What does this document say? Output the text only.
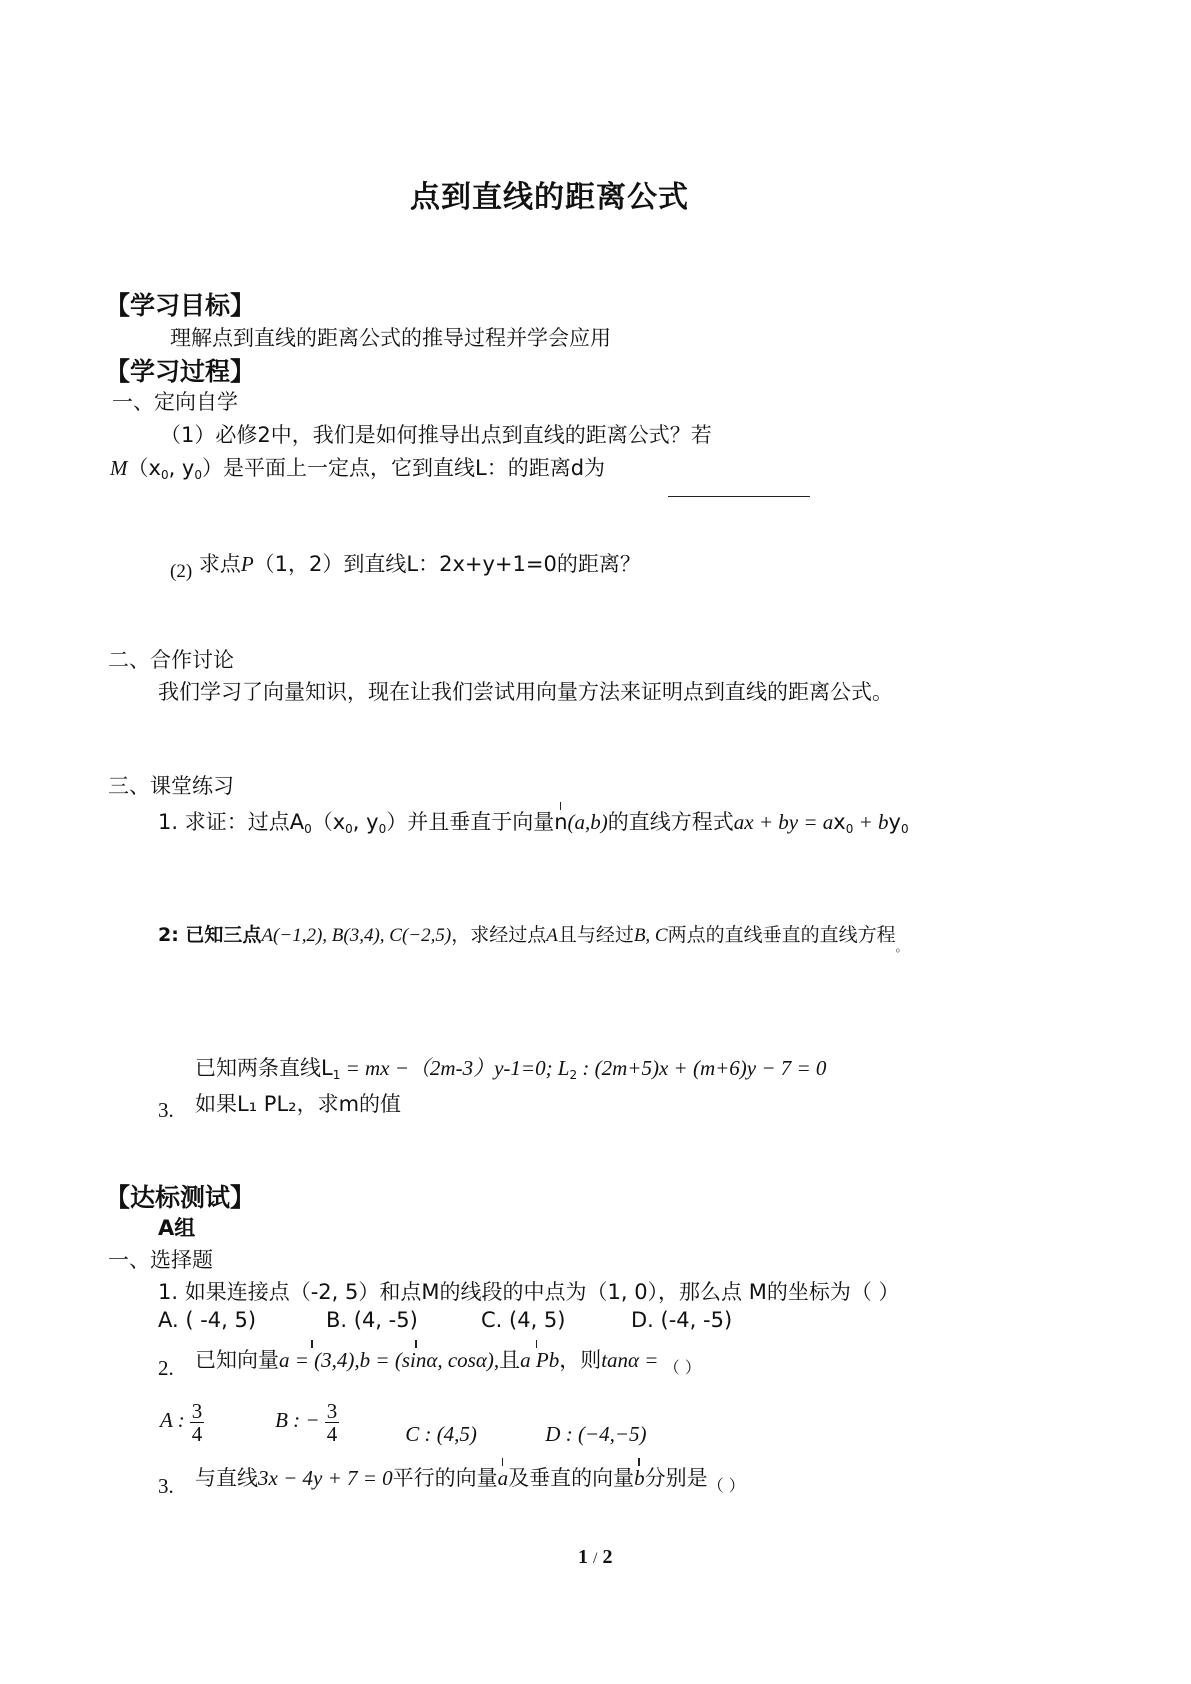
点到直线的距离公式
【学习目标】
理解点到直线的距离公式的推导过程并学会应用
【学习过程】
一、定向自学
（1）必修2中，我们是如何推导出点到直线的距离公式？若
$M(x_0$, $y_0$）是平面上一定点，它到直线L：的距离d为
(2) 求点P（1，2）到直线L：2x+y+1=0的距离？
二、合作讨论
我们学习了向量知识，现在让我们尝试用向量方法来证明点到直线的距离公式。
三、课堂练习
1. 求证：过点$A_0(x_0$, $y_0$）并且垂直于向量n(a,b)的直线方程式ax + by = $ax_0 + by_0$
2: 已知三点A(−1,2), B(3,4), C(−2,5)，求经过点A且与经过B, C两点的直线垂直的直线方程$_。$
已知两条直线$L_1$ = mx −（2m-3）y-1=0; $L_2$ : (2m+5)x + (m+6)y − 7 = 0
3. 如果L₁ PL₂，求m的值
【达标测试】
A组
一、选择题
1. 如果连接点（-2, 5）和点M的线段的中点为（1, 0），那么点 M的坐标为（ ）
A. ( -4, 5)	B. (4, -5)	C. (4, 5)	D. (-4, -5)
2. 已知向量a = (3,4),b = (sinα, cosα),且a Pb，则tanα = $_{( )}$
A : $\frac{3}{4}$	B : − $\frac{3}{4}$	C : (4,5)	D : (−4,−5)
3. 与直线3x − 4y + 7 = 0平行的向量a及垂直的向量b分别是$_{( )}$
1 / 2
